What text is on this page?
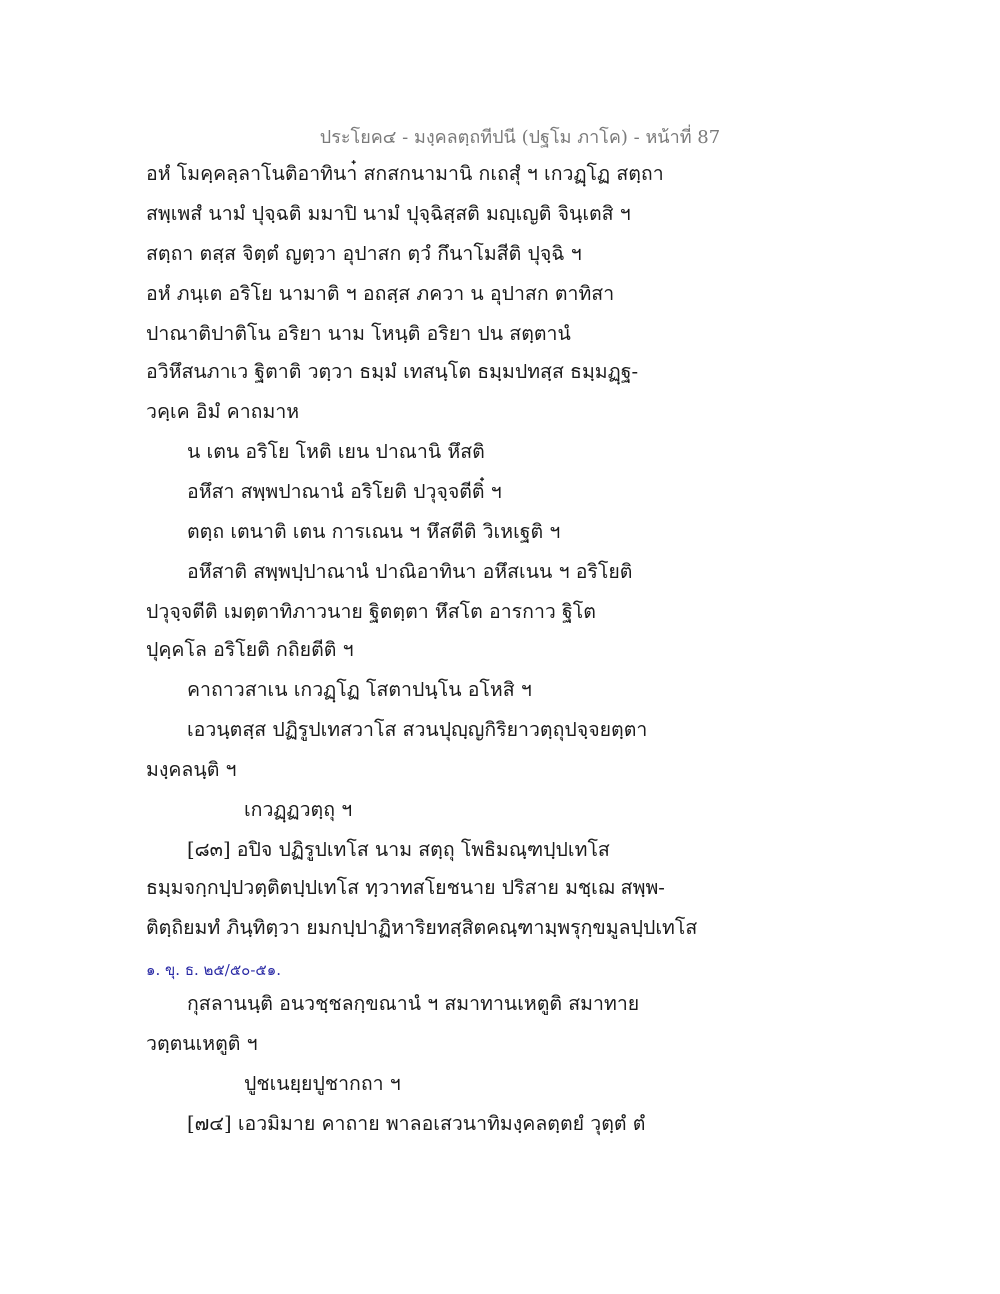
ประโยค๔ - มงฺคลตฺถทีปนี (ปฐโม ภาโค) - หน้าที่ 87
อหํ โมคฺคลฺลาโนติอาทินา๋ สกสกนามานิ กเถสุํ ฯ เกวฏฺโฏ สตฺถา
สพฺเพสํ นามํ ปุจฺฉติ มมาปิ นามํ ปุจฺฉิสฺสติ มญฺเญติ จินฺเตสิ ฯ
สตฺถา ตสฺส จิตฺตํ ญตฺวา อุปาสก ตฺวํ กึนาโมสีติ ปุจฺฉิ ฯ
อหํ ภนฺเต อริโย นามาติ ฯ อถสฺส ภควา น อุปาสก ตาทิสา
ปาณาติปาติโน อริยา นาม โหนฺติ อริยา ปน สตฺตานํ
อวิหึสนภาเว ฐิตาติ วตฺวา ธมฺมํ เทสนฺโต ธมฺมปทสฺส ธมฺมฏฺฐ-
วคฺเค อิมํ คาถมาห
น เตน อริโย โหติ เยน ปาณานิ หึสติ
อหึสา สพฺพปาณานํ อริโยติ ปวุจฺจตีติ๋ ฯ
ตตฺถ เตนาติ เตน การเณน ฯ หึสตีติ วิเหเฐติ ฯ
อหึสาติ สพฺพปฺปาณานํ ปาณิอาทินา อหึสเนน ฯ อริโยติ
ปวุจฺจตีติ เมตฺตาทิภาวนาย ฐิตตฺตา หึสโต อารกาว ฐิโต
ปุคฺคโล อริโยติ กถิยตีติ ฯ
คาถาวสาเน เกวฏฺโฏ โสตาปนฺโน อโหสิ ฯ
เอวนฺตสฺส ปฏิรูปเทสวาโส สวนปุญฺญกิริยาวตฺถุปจฺจยตฺตา
มงฺคลนฺติ ฯ
เกวฏฺฏวตฺถุ ฯ
[๘๓] อปิจ ปฏิรูปเทโส นาม สตฺถุ โพธิมณฺฑปฺปเทโส
ธมฺมจกฺกปฺปวตฺติตปฺปเทโส ทฺวาทสโยชนาย ปริสาย มชฺเฌ สพฺพ-
ติตฺถิยมทํ ภินฺทิตฺวา ยมกปฺปาฏิหาริยทสฺสิตคณฺฑามฺพรุกฺขมูลปฺปเทโส
๑. ขุ. ธ. ๒๕/๕๐-๕๑.
กุสลานนฺติ อนวชฺชลกฺขณานํ ฯ สมาทานเหตูติ สมาทาย
วตฺตนเหตูติ ฯ
ปูชเนยฺยปูชากถา ฯ
[๗๔] เอวมิมาย คาถาย พาลอเสวนาทิมงฺคลตฺตยํ วุตฺตํ ตํ
